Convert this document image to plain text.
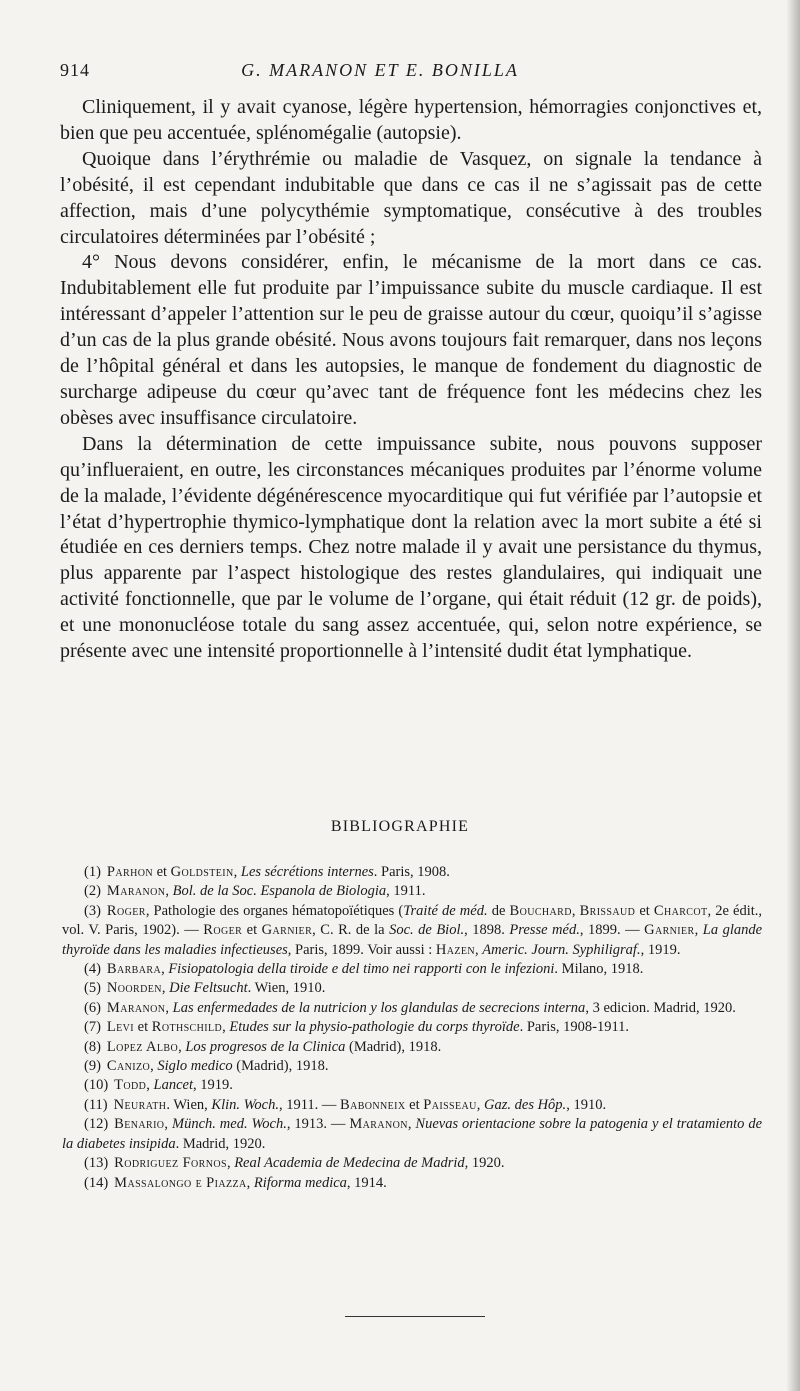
914	G. MARANON ET E. BONILLA

Cliniquement, il y avait cyanose, légère hypertension, hémorragies conjonctives et, bien que peu accentuée, splénomégalie (autopsie).

Quoique dans l’érythrémie ou maladie de Vasquez, on signale la tendance à l’obésité, il est cependant indubitable que dans ce cas il ne s’agissait pas de cette affection, mais d’une polycythémie symptomatique, consécutive à des troubles circulatoires déterminées par l’obésité ;

4° Nous devons considérer, enfin, le mécanisme de la mort dans ce cas. Indubitablement elle fut produite par l’impuissance subite du muscle cardiaque. Il est intéressant d’appeler l’attention sur le peu de graisse autour du cœur, quoiqu’il s’agisse d’un cas de la plus grande obésité. Nous avons toujours fait remarquer, dans nos leçons de l’hôpital général et dans les autopsies, le manque de fondement du diagnostic de surcharge adipeuse du cœur qu’avec tant de fréquence font les médecins chez les obèses avec insuffisance circulatoire.

Dans la détermination de cette impuissance subite, nous pouvons supposer qu’influeraient, en outre, les circonstances mécaniques produites par l’énorme volume de la malade, l’évidente dégénérescence myocarditique qui fut vérifiée par l’autopsie et l’état d’hypertrophie thymico-lymphatique dont la relation avec la mort subite a été si étudiée en ces derniers temps. Chez notre malade il y avait une persistance du thymus, plus apparente par l’aspect histologique des restes glandulaires, qui indiquait une activité fonctionnelle, que par le volume de l’organe, qui était réduit (12 gr. de poids), et une mononucléose totale du sang assez accentuée, qui, selon notre expérience, se présente avec une intensité proportionnelle à l’intensité dudit état lymphatique.

BIBLIOGRAPHIE

(1) Parhon et Goldstein, Les sécrétions internes. Paris, 1908.

(2) Maranon, Bol. de la Soc. Espanola de Biologia, 1911.

(3) Roger, Pathologie des organes hématopoïétiques (Traité de méd. de Bouchard, Brissaud et Charcot, 2e édit., vol. V. Paris, 1902). — Roger et Garnier, C. R. de la Soc. de Biol., 1898. Presse méd., 1899. — Garnier, La glande thyroïde dans les maladies infectieuses, Paris, 1899. Voir aussi : Hazen, Americ. Journ. Syphiligraf., 1919.

(4) Barbara, Fisiopatologia della tiroide e del timo nei rapporti con le infezioni. Milano, 1918.

(5) Noorden, Die Feltsucht. Wien, 1910.

(6) Maranon, Las enfermedades de la nutricion y los glandulas de secrecions interna, 3 edicion. Madrid, 1920.

(7) Levi et Rothschild, Etudes sur la physio-pathologie du corps thyroïde. Paris, 1908-1911.

(8) Lopez Albo, Los progresos de la Clinica (Madrid), 1918.

(9) Canizo, Siglo medico (Madrid), 1918.

(10) Todd, Lancet, 1919.

(11) Neurath. Wien, Klin. Woch., 1911. — Babonneix et Paisseau, Gaz. des Hôp., 1910.

(12) Benario, Münch. med. Woch., 1913. — Maranon, Nuevas orientacione sobre la patogenia y el tratamiento de la diabetes insipida. Madrid, 1920.

(13) Rodriguez Fornos, Real Academia de Medecina de Madrid, 1920.

(14) Massalongo e Piazza, Riforma medica, 1914.
